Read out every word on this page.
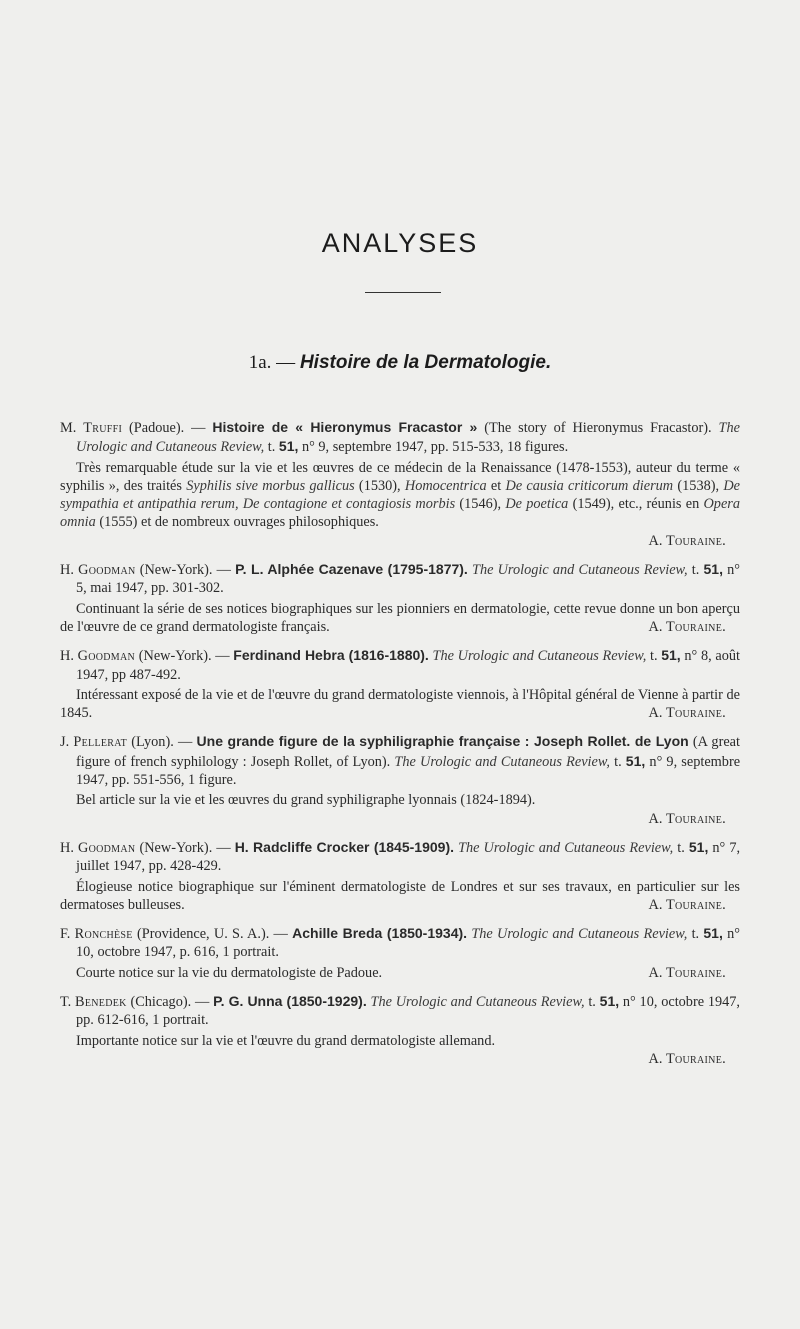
ANALYSES
1a. — Histoire de la Dermatologie.
M. Truffi (Padoue). — Histoire de « Hieronymus Fracastor » (The story of Hieronymus Fracastor). The Urologic and Cutaneous Review, t. 51, n° 9, septembre 1947, pp. 515-533, 18 figures.
Très remarquable étude sur la vie et les œuvres de ce médecin de la Renaissance (1478-1553), auteur du terme « syphilis », des traités Syphilis sive morbus gallicus (1530), Homocentrica et De causia criticorum dierum (1538), De sympathia et antipathia rerum, De contagione et contagiosis morbis (1546), De poetica (1549), etc., réunis en Opera omnia (1555) et de nombreux ouvrages philosophiques.
A. Touraine.
H. Goodman (New-York). — P. L. Alphée Cazenave (1795-1877). The Urologic and Cutaneous Review, t. 51, n° 5, mai 1947, pp. 301-302.
Continuant la série de ses notices biographiques sur les pionniers en dermatologie, cette revue donne un bon aperçu de l'œuvre de ce grand dermatologiste français.	A. Touraine.
H. Goodman (New-York). — Ferdinand Hebra (1816-1880). The Urologic and Cutaneous Review, t. 51, n° 8, août 1947, pp 487-492.
Intéressant exposé de la vie et de l'œuvre du grand dermatologiste viennois, à l'Hôpital général de Vienne à partir de 1845.	A. Touraine.
J. Pellerat (Lyon). — Une grande figure de la syphiligraphie française : Joseph Rollet. de Lyon (A great figure of french syphilology : Joseph Rollet, of Lyon). The Urologic and Cutaneous Review, t. 51, n° 9, septembre 1947, pp. 551-556, 1 figure.
Bel article sur la vie et les œuvres du grand syphiligraphe lyonnais (1824-1894).
A. Touraine.
H. Goodman (New-York). — H. Radcliffe Crocker (1845-1909). The Urologic and Cutaneous Review, t. 51, n° 7, juillet 1947, pp. 428-429.
Élogieuse notice biographique sur l'éminent dermatologiste de Londres et sur ses travaux, en particulier sur les dermatoses bulleuses.	A. Touraine.
F. Ronchèse (Providence, U. S. A.). — Achille Breda (1850-1934). The Urologic and Cutaneous Review, t. 51, n° 10, octobre 1947, p. 616, 1 portrait.
Courte notice sur la vie du dermatologiste de Padoue.	A. Touraine.
T. Benedek (Chicago). — P. G. Unna (1850-1929). The Urologic and Cutaneous Review, t. 51, n° 10, octobre 1947, pp. 612-616, 1 portrait.
Importante notice sur la vie et l'œuvre du grand dermatologiste allemand.
A. Touraine.
